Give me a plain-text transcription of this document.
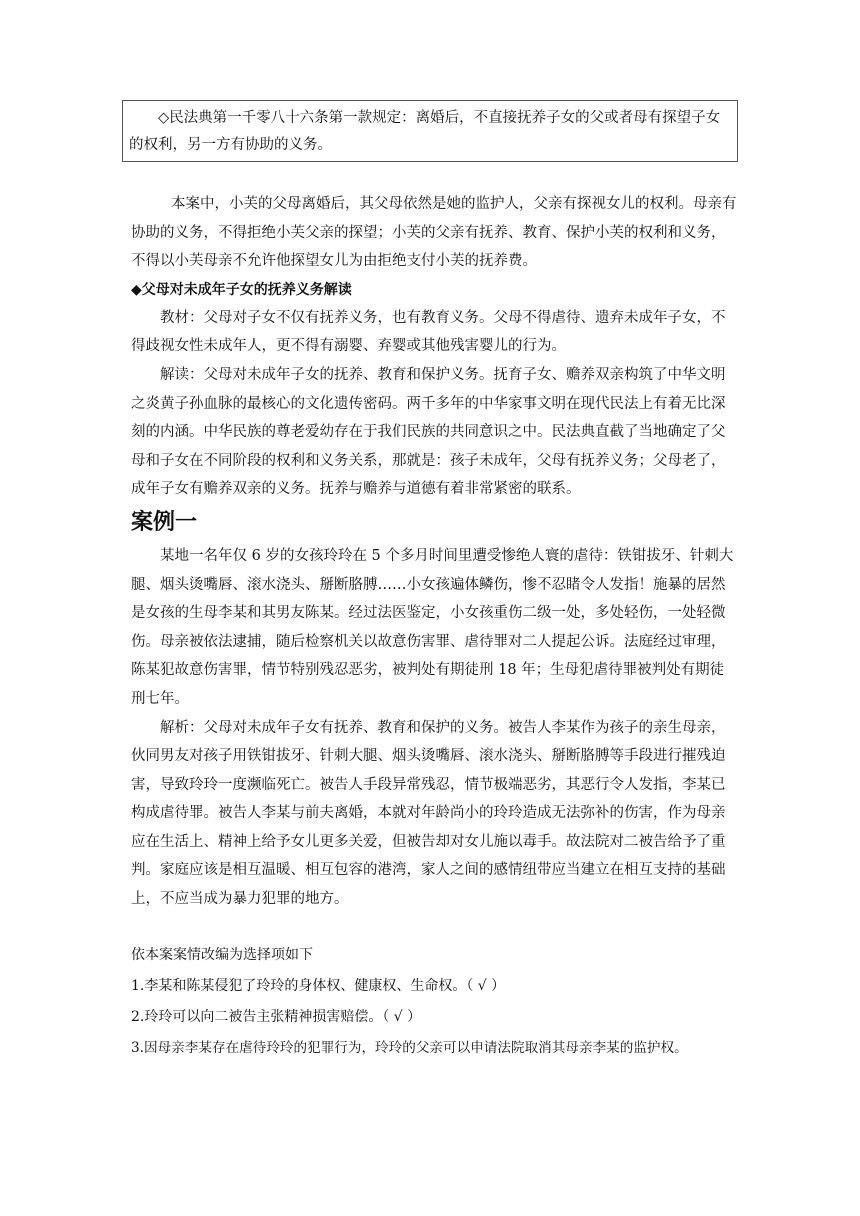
◇民法典第一千零八十六条第一款规定：离婚后，不直接抚养子女的父或者母有探望子女的权利，另一方有协助的义务。

本案中，小芙的父母离婚后，其父母依然是她的监护人，父亲有探视女儿的权利。母亲有协助的义务，不得拒绝小芙父亲的探望；小芙的父亲有抚养、教育、保护小芙的权利和义务，不得以小芙母亲不允许他探望女儿为由拒绝支付小芙的抚养费。

◆父母对未成年子女的抚养义务解读

教材：父母对子女不仅有抚养义务，也有教育义务。父母不得虐待、遗弃未成年子女，不得歧视女性未成年人，更不得有溺婴、弃婴或其他残害婴儿的行为。

解读：父母对未成年子女的抚养、教育和保护义务。抚育子女、赡养双亲构筑了中华文明之炎黄子孙血脉的最核心的文化遗传密码。两千多年的中华家事文明在现代民法上有着无比深刻的内涵。中华民族的尊老爱幼存在于我们民族的共同意识之中。民法典直截了当地确定了父母和子女在不同阶段的权利和义务关系，那就是：孩子未成年，父母有抚养义务；父母老了，成年子女有赡养双亲的义务。抚养与赡养与道德有着非常紧密的联系。

案例一

某地一名年仅 6 岁的女孩玲玲在 5 个多月时间里遭受惨绝人寰的虐待：铁钳拔牙、针刺大腿、烟头烫嘴唇、滚水浇头、掰断胳膊……小女孩遍体鳞伤，惨不忍睹令人发指！施暴的居然是女孩的生母李某和其男友陈某。经过法医鉴定，小女孩重伤二级一处，多处轻伤，一处轻微伤。母亲被依法逮捕，随后检察机关以故意伤害罪、虐待罪对二人提起公诉。法庭经过审理，陈某犯故意伤害罪，情节特别残忍恶劣，被判处有期徒刑 18 年；生母犯虐待罪被判处有期徒刑七年。

解析：父母对未成年子女有抚养、教育和保护的义务。被告人李某作为孩子的亲生母亲，伙同男友对孩子用铁钳拔牙、针刺大腿、烟头烫嘴唇、滚水浇头、掰断胳膊等手段进行摧残迫害，导致玲玲一度濒临死亡。被告人手段异常残忍，情节极端恶劣，其恶行令人发指，李某已构成虐待罪。被告人李某与前夫离婚，本就对年龄尚小的玲玲造成无法弥补的伤害，作为母亲应在生活上、精神上给予女儿更多关爱，但被告却对女儿施以毒手。故法院对二被告给予了重判。家庭应该是相互温暖、相互包容的港湾，家人之间的感情纽带应当建立在相互支持的基础上，不应当成为暴力犯罪的地方。

依本案案情改编为选择项如下

1.李某和陈某侵犯了玲玲的身体权、健康权、生命权。（ √ ）

2.玲玲可以向二被告主张精神损害赔偿。（ √ ）

3.因母亲李某存在虐待玲玲的犯罪行为，玲玲的父亲可以申请法院取消其母亲李某的监护权。
